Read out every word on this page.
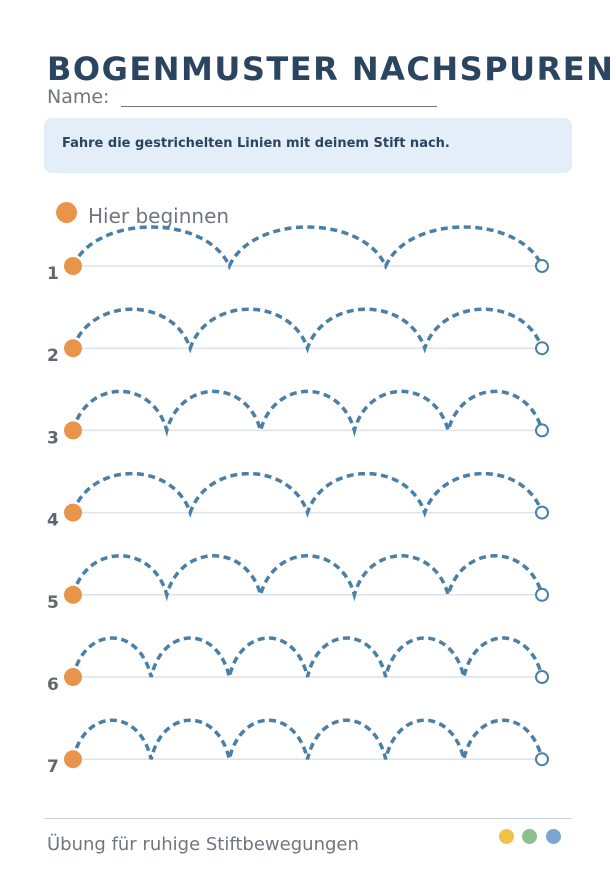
BOGENMUSTER NACHSPUREN
Name:
Fahre die gestrichelten Linien mit deinem Stift nach.
Hier beginnen
1
2
3
4
5
6
7
Übung für ruhige Stiftbewegungen
